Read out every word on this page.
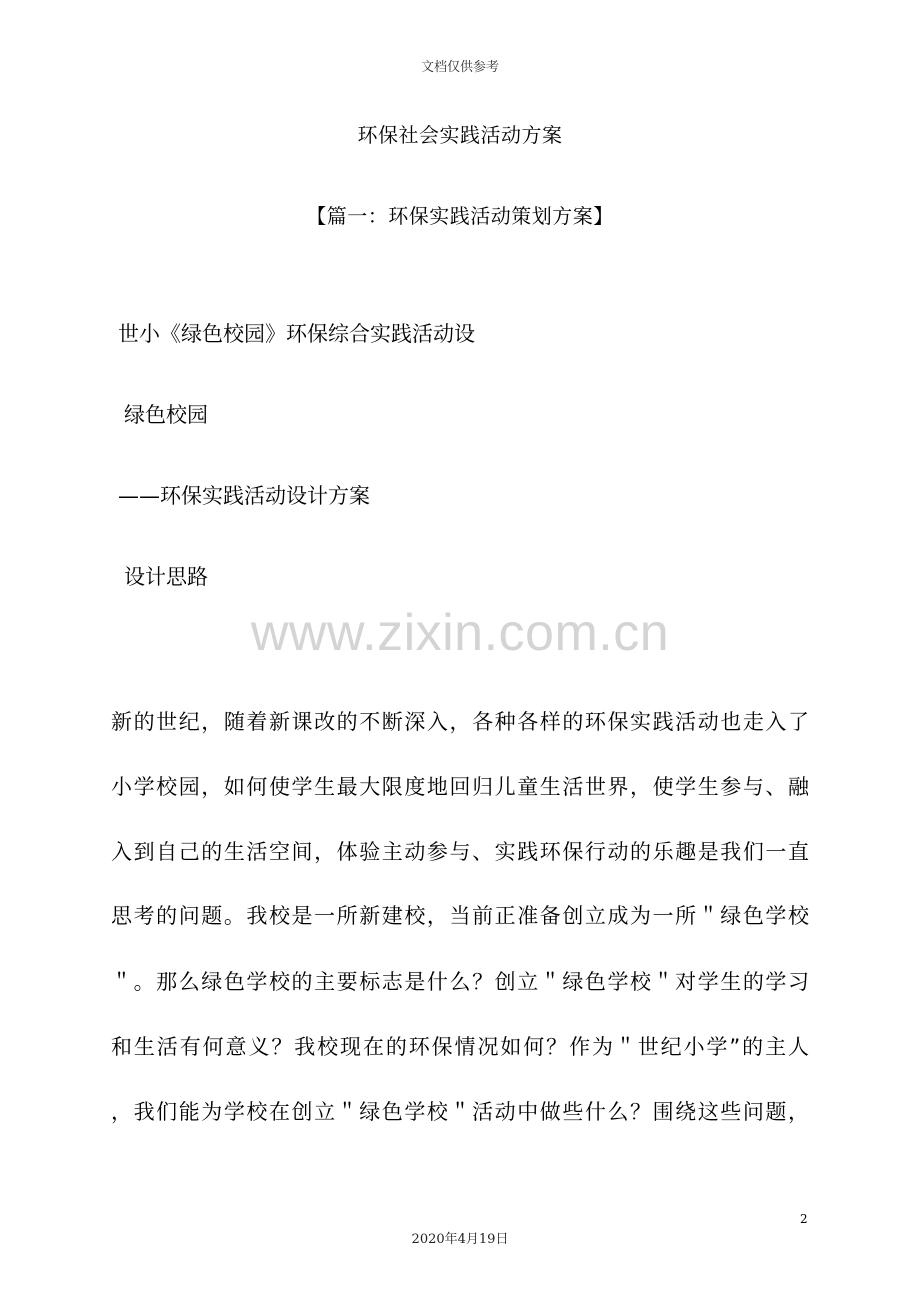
文档仅供参考
环保社会实践活动方案
【篇一：环保实践活动策划方案】
世小《绿色校园》环保综合实践活动设
绿色校园
——环保实践活动设计方案
设计思路
www.zixin.com.cn
新的世纪，随着新课改的不断深入，各种各样的环保实践活动也走入了
小学校园，如何使学生最大限度地回归儿童生活世界，使学生参与、融
入到自己的生活空间，体验主动参与、实践环保行动的乐趣是我们一直
思考的问题。我校是一所新建校，当前正准备创立成为一所＂绿色学校
＂。那么绿色学校的主要标志是什么？创立＂绿色学校＂对学生的学习
和生活有何意义？我校现在的环保情况如何？作为＂世纪小学”的主人
，我们能为学校在创立＂绿色学校＂活动中做些什么？围绕这些问题，
2
2020年4月19日
